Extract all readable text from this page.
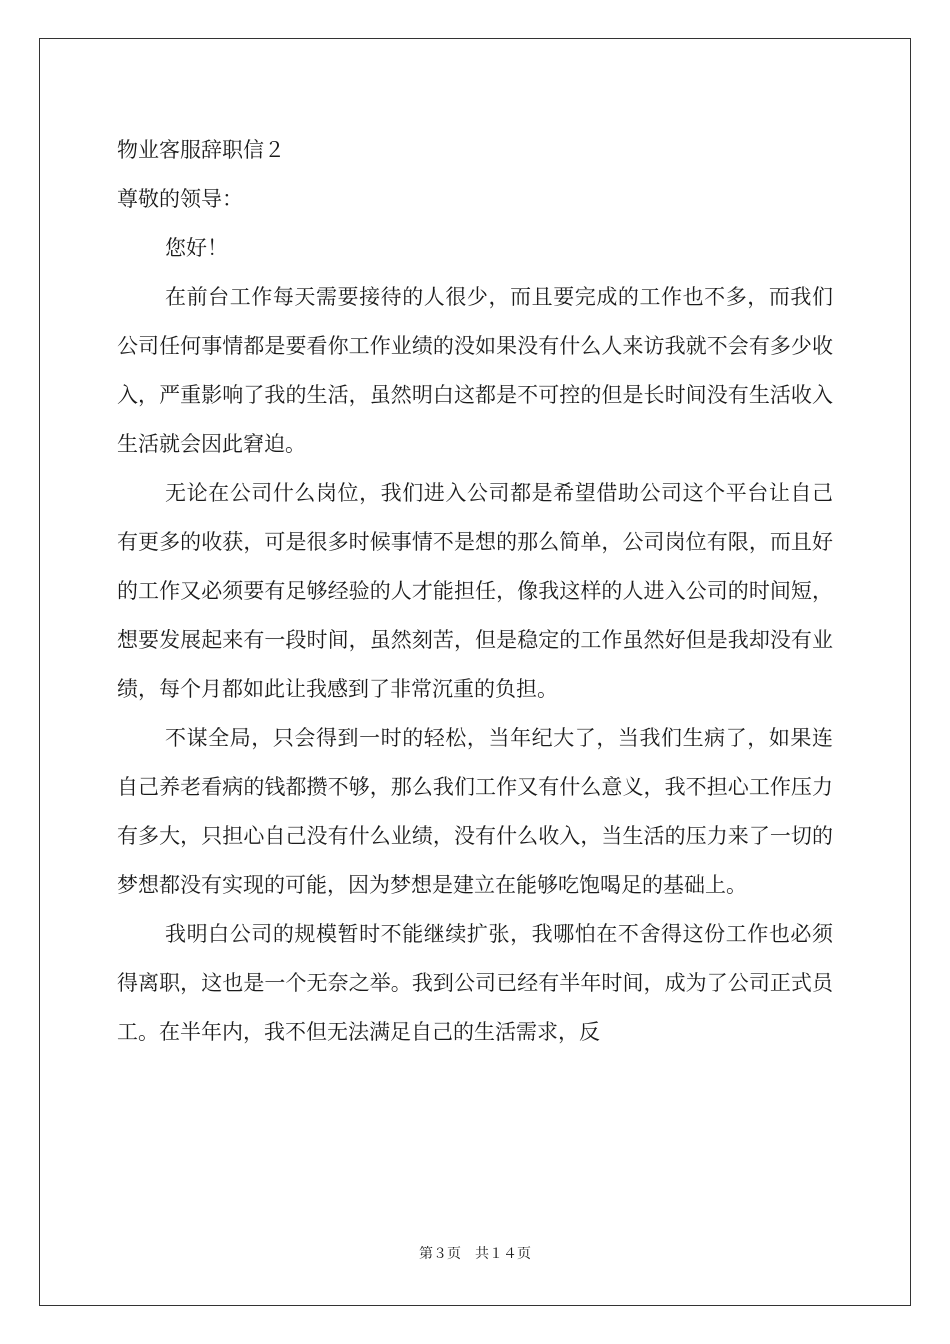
物业客服辞职信２

尊敬的领导：

您好！

在前台工作每天需要接待的人很少，而且要完成的工作也不多，而我们公司任何事情都是要看你工作业绩的没如果没有什么人来访我就不会有多少收入，严重影响了我的生活，虽然明白这都是不可控的但是长时间没有生活收入生活就会因此窘迫。

无论在公司什么岗位，我们进入公司都是希望借助公司这个平台让自己有更多的收获，可是很多时候事情不是想的那么简单，公司岗位有限，而且好的工作又必须要有足够经验的人才能担任，像我这样的人进入公司的时间短，想要发展起来有一段时间，虽然刻苦，但是稳定的工作虽然好但是我却没有业绩，每个月都如此让我感到了非常沉重的负担。

不谋全局，只会得到一时的轻松，当年纪大了，当我们生病了，如果连自己养老看病的钱都攒不够，那么我们工作又有什么意义，我不担心工作压力有多大，只担心自己没有什么业绩，没有什么收入，当生活的压力来了一切的梦想都没有实现的可能，因为梦想是建立在能够吃饱喝足的基础上。

我明白公司的规模暂时不能继续扩张，我哪怕在不舍得这份工作也必须得离职，这也是一个无奈之举。我到公司已经有半年时间，成为了公司正式员工。在半年内，我不但无法满足自己的生活需求，反

第３页 共１４页
